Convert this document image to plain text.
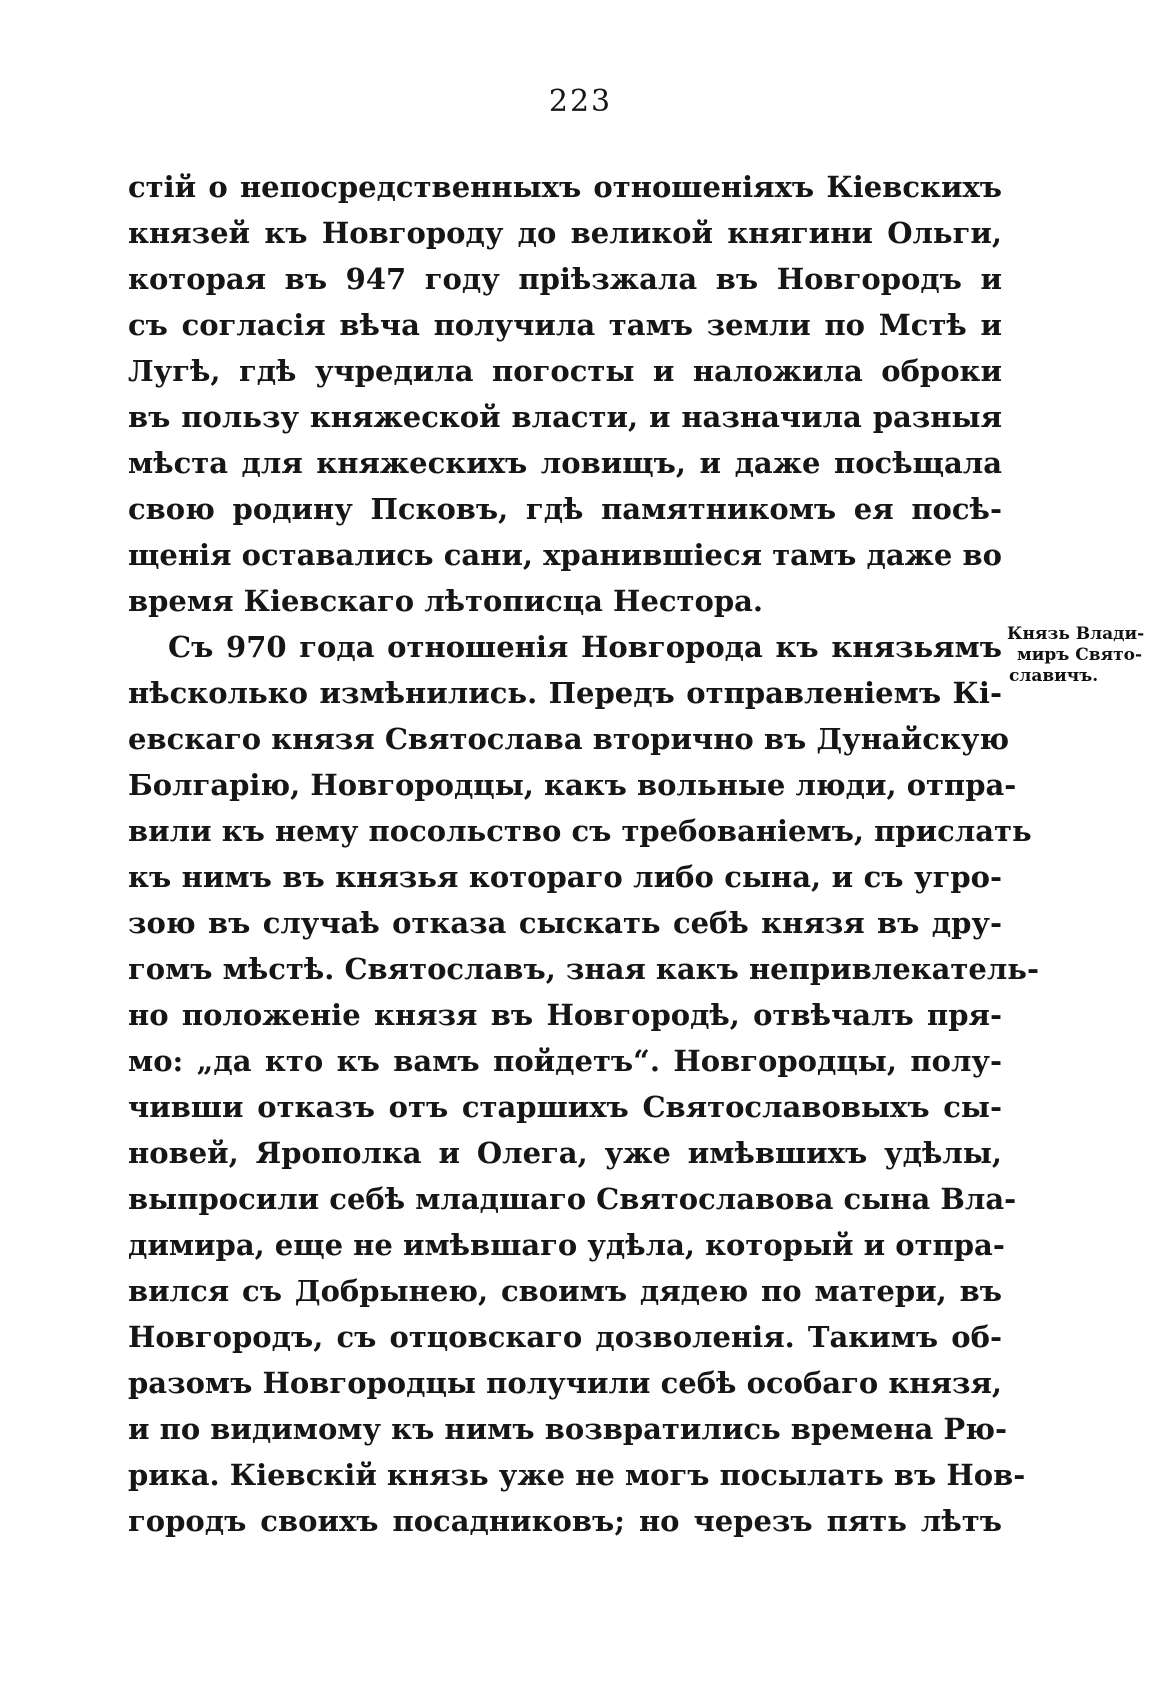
223
стій о непосредственныхъ отношеніяхъ Кіевскихъ
князей къ Новгороду до великой княгини Ольги,
которая въ 947 году пріѣзжала въ Новгородъ и
съ согласія вѣча получила тамъ земли по Мстѣ и
Лугѣ, гдѣ учредила погосты и наложила оброки
въ пользу княжеской власти, и назначила разныя
мѣста для княжескихъ ловищъ, и даже посѣщала
свою родину Псковъ, гдѣ памятникомъ ея посѣ-
щенія оставались сани, хранившіеся тамъ даже во
время Кіевскаго лѣтописца Нестора.
Съ 970 года отношенія Новгорода къ князьямъ
нѣсколько измѣнились. Передъ отправленіемъ Кі-
евскаго князя Святослава вторично въ Дунайскую
Болгарію, Новгородцы, какъ вольные люди, отпра-
вили къ нему посольство съ требованіемъ, прислать
къ нимъ въ князья котораго либо сына, и съ угро-
зою въ случаѣ отказа сыскать себѣ князя въ дру-
гомъ мѣстѣ. Святославъ, зная какъ непривлекатель-
но положеніе князя въ Новгородѣ, отвѣчалъ пря-
мо: „да кто къ вамъ пойдетъ“. Новгородцы, полу-
чивши отказъ отъ старшихъ Святославовыхъ сы-
новей, Ярополка и Олега, уже имѣвшихъ удѣлы,
выпросили себѣ младшаго Святославова сына Вла-
димира, еще не имѣвшаго удѣла, который и отпра-
вился съ Добрынею, своимъ дядею по матери, въ
Новгородъ, съ отцовскаго дозволенія. Такимъ об-
разомъ Новгородцы получили себѣ особаго князя,
и по видимому къ нимъ возвратились времена Рю-
рика. Кіевскій князь уже не могъ посылать въ Нов-
городъ своихъ посадниковъ; но черезъ пять лѣтъ
Князь Влади-
миръ Свято-
славичъ.
